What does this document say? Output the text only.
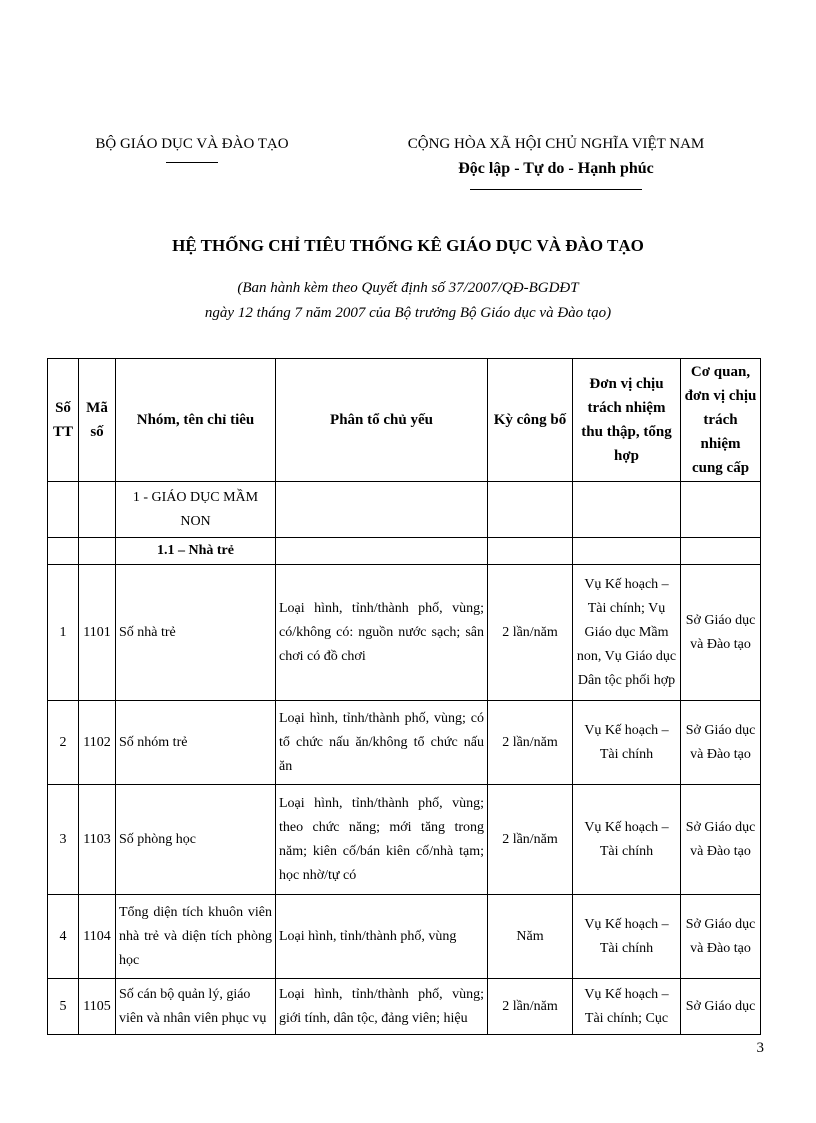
BỘ GIÁO DỤC VÀ ĐÀO TẠO	CỘNG HÒA XÃ HỘI CHỦ NGHĨA VIỆT NAM
Độc lập - Tự do - Hạnh phúc
HỆ THỐNG CHỈ TIÊU THỐNG KÊ GIÁO DỤC VÀ ĐÀO TẠO
(Ban hành kèm theo Quyết định số 37/2007/QĐ-BGDĐT
ngày 12 tháng 7 năm 2007 của Bộ trưởng Bộ Giáo dục và Đào tạo)
Số TT	Mã số	Nhóm, tên chỉ tiêu	Phân tổ chủ yếu	Kỳ công bố	Đơn vị chịu trách nhiệm thu thập, tổng hợp	Cơ quan, đơn vị chịu trách nhiệm cung cấp
		1 - GIÁO DỤC MẦM NON				
		1.1 – Nhà trẻ				
1	1101	Số nhà trẻ	Loại hình, tỉnh/thành phố, vùng; có/không có: nguồn nước sạch; sân chơi có đồ chơi	2 lần/năm	Vụ Kế hoạch – Tài chính; Vụ Giáo dục Mầm non, Vụ Giáo dục Dân tộc phối hợp	Sở Giáo dục và Đào tạo
2	1102	Số nhóm trẻ	Loại hình, tỉnh/thành phố, vùng; có tổ chức nấu ăn/không tổ chức nấu ăn	2 lần/năm	Vụ Kế hoạch – Tài chính	Sở Giáo dục và Đào tạo
3	1103	Số phòng học	Loại hình, tỉnh/thành phố, vùng; theo chức năng; mới tăng trong năm; kiên cố/bán kiên cố/nhà tạm; học nhờ/tự có	2 lần/năm	Vụ Kế hoạch – Tài chính	Sở Giáo dục và Đào tạo
4	1104	Tổng diện tích khuôn viên nhà trẻ và diện tích phòng học	Loại hình, tỉnh/thành phố, vùng	Năm	Vụ Kế hoạch – Tài chính	Sở Giáo dục và Đào tạo
5	1105	Số cán bộ quản lý, giáo viên và nhân viên phục vụ	Loại hình, tỉnh/thành phố, vùng; giới tính, dân tộc, đảng viên; hiệu	2 lần/năm	Vụ Kế hoạch – Tài chính; Cục	Sở Giáo dục
3
